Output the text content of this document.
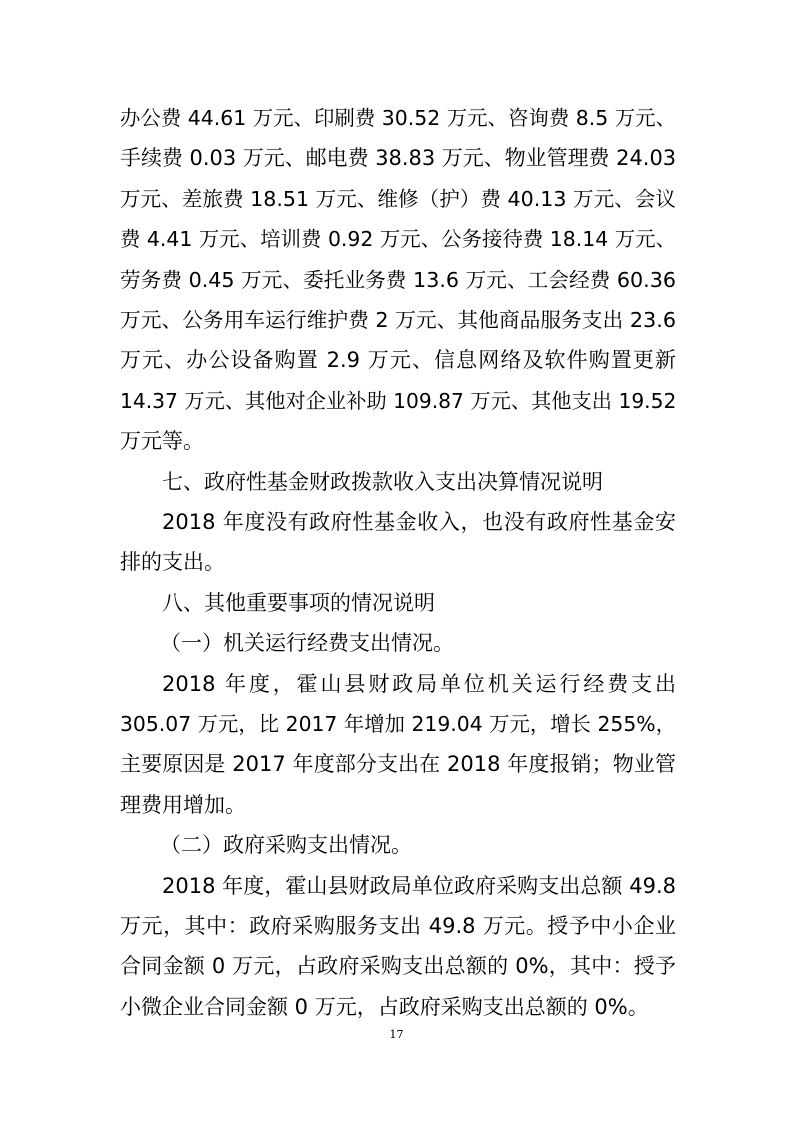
办公费 44.61 万元、印刷费 30.52 万元、咨询费 8.5 万元、
手续费 0.03 万元、邮电费 38.83 万元、物业管理费 24.03
万元、差旅费 18.51 万元、维修（护）费 40.13 万元、会议
费 4.41 万元、培训费 0.92 万元、公务接待费 18.14 万元、
劳务费 0.45 万元、委托业务费 13.6 万元、工会经费 60.36
万元、公务用车运行维护费 2 万元、其他商品服务支出 23.6
万元、办公设备购置 2.9 万元、信息网络及软件购置更新
14.37 万元、其他对企业补助 109.87 万元、其他支出 19.52
万元等。
七、政府性基金财政拨款收入支出决算情况说明
2018 年度没有政府性基金收入，也没有政府性基金安
排的支出。
八、其他重要事项的情况说明
（一）机关运行经费支出情况。
2018 年度，霍山县财政局单位机关运行经费支出
305.07 万元，比 2017 年增加 219.04 万元，增长 255%，
主要原因是 2017 年度部分支出在 2018 年度报销；物业管
理费用增加。
（二）政府采购支出情况。
2018 年度，霍山县财政局单位政府采购支出总额 49.8
万元，其中：政府采购服务支出 49.8 万元。授予中小企业
合同金额 0 万元，占政府采购支出总额的 0%，其中：授予
小微企业合同金额 0 万元，占政府采购支出总额的 0%。
17
